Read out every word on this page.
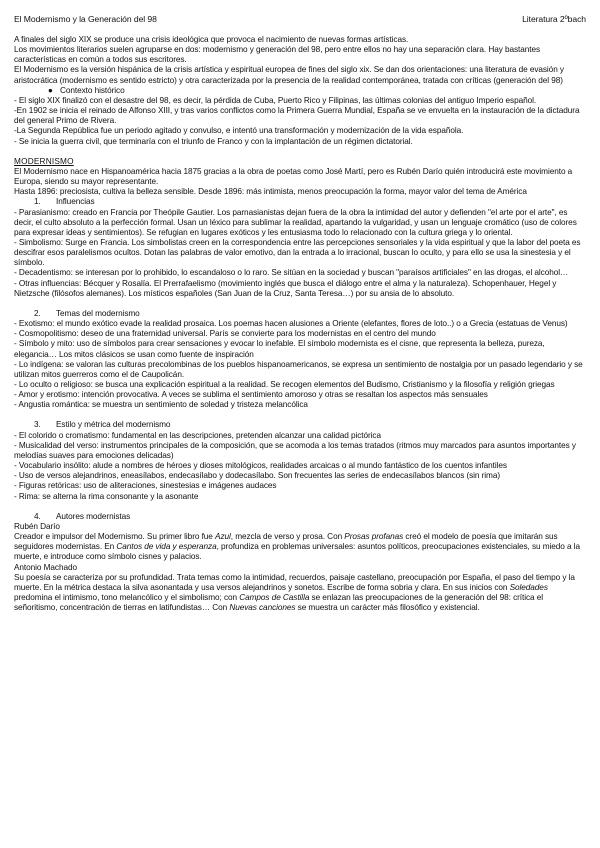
El Modernismo y la Generación del 98	Literatura 2ºbach

A finales del siglo XIX se produce una crisis ideológica que provoca el nacimiento de nuevas formas artísticas.

Los movimientos literarios suelen agruparse en dos: modernismo y generación del 98, pero entre ellos no hay una separación clara. Hay bastantes características en común a todos sus escritores.

El Modernismo es la versión hispánica de la crisis artística y espiritual europea de fines del siglo xix. Se dan dos orientaciones: una literatura de evasión y aristocrática (modernismo es sentido estricto) y otra caracterizada por la presencia de la realidad contemporánea, tratada con críticas (generación del 98)

● Contexto histórico

- El siglo XIX finalizó con el desastre del 98, es decir, la pérdida de Cuba, Puerto Rico y Filipinas, las últimas colonias del antiguo Imperio español.

-En 1902 se inicia el reinado de Alfonso XIII, y tras varios conflictos como la Primera Guerra Mundial, España se ve envuelta en la instauración de la dictadura del general Primo de Rivera.

-La Segunda República fue un periodo agitado y convulso, e intentó una transformación y modernización de la vida española.

- Se inicia la guerra civil, que terminaría con el triunfo de Franco y con la implantación de un régimen dictatorial.

MODERNISMO

El Modernismo nace en Hispanoamérica hacia 1875 gracias a la obra de poetas como José Martí, pero es Rubén Darío quién introducirá este movimiento a Europa, siendo su mayor representante.

Hasta 1896: preciosista, cultiva la belleza sensible. Desde 1896: más intimista, menos preocupación la forma, mayor valor del tema de América

1. Influencias

- Parasianismo: creado en Francia por Theópile Gautier. Los parnasianistas dejan fuera de la obra la intimidad del autor y defienden "el arte por el arte", es decir, el culto absoluto a la perfección formal. Usan un léxico para sublimar la realidad, apartando la vulgaridad, y usan un lenguaje cromático (uso de colores para expresar ideas y sentimientos). Se refugian en lugares exóticos y les entusiasma todo lo relacionado con la cultura griega y lo oriental.

- Simbolismo: Surge en Francia. Los simbolistas creen en la correspondencia entre las percepciones sensoriales y la vida espiritual y que la labor del poeta es descifrar esos paralelismos ocultos. Dotan las palabras de valor emotivo, dan la entrada a lo irracional, buscan lo oculto, y para ello se usa la sinestesia y el símbolo.

- Decadentismo: se interesan por lo prohibido, lo escandaloso o lo raro. Se sitúan en la sociedad y buscan "paraísos artificiales" en las drogas, el alcohol…

- Otras influencias: Bécquer y Rosalía. El Prerrafaelismo (movimiento inglés que busca el diálogo entre el alma y la naturaleza). Schopenhauer, Hegel y Nietzsche (filósofos alemanes). Los místicos españoles (San Juan de la Cruz, Santa Teresa…) por su ansia de lo absoluto.

2. Temas del modernismo

- Exotismo: el mundo exótico evade la realidad prosaica. Los poemas hacen alusiones a Oriente (elefantes, flores de loto..) o a Grecia (estatuas de Venus)

- Cosmopolitismo: deseo de una fraternidad universal. París se convierte para los modernistas en el centro del mundo

- Símbolo y mito: uso de símbolos para crear sensaciones y evocar lo inefable. El símbolo modernista es el cisne, que representa la belleza, pureza, elegancia… Los mitos clásicos se usan como fuente de inspiración

- Lo indígena: se valoran las culturas precolombinas de los pueblos hispanoamericanos, se expresa un sentimiento de nostalgia por un pasado legendario y se utilizan mitos guerreros como el de Caupolicán.

- Lo oculto o religioso: se busca una explicación espiritual a la realidad. Se recogen elementos del Budismo, Cristianismo y la filosofía y religión griegas

- Amor y erotismo: intención provocativa. A veces se sublima el sentimiento amoroso y otras se resaltan los aspectos más sensuales

- Angustia romántica: se muestra un sentimiento de soledad y tristeza melancólica

3. Estilo y métrica del modernismo

- El colorido o cromatismo: fundamental en las descripciones, pretenden alcanzar una calidad pictórica

- Musicalidad del verso: instrumentos principales de la composición, que se acomoda a los temas tratados (ritmos muy marcados para asuntos importantes y melodías suaves para emociones delicadas)

- Vocabulario insólito: alude a nombres de héroes y dioses mitológicos, realidades arcaicas o al mundo fantástico de los cuentos infantiles

- Uso de versos alejandrinos, eneasílabos, endecasílabo y dodecasílabo. Son frecuentes las series de endecasílabos blancos (sin rima)

- Figuras retóricas: uso de aliteraciones, sinestesias e imágenes audaces

- Rima: se alterna la rima consonante y la asonante

4. Autores modernistas

Rubén Darío

Creador e impulsor del Modernismo. Su primer libro fue Azul, mezcla de verso y prosa. Con Prosas profanas creó el modelo de poesía que imitarán sus seguidores modernistas. En Cantos de vida y esperanza, profundiza en problemas universales: asuntos políticos, preocupaciones existenciales, su miedo a la muerte, e introduce como símbolo cisnes y palacios.

Antonio Machado

Su poesía se caracteriza por su profundidad. Trata temas como la intimidad, recuerdos, paisaje castellano, preocupación por España, el paso del tiempo y la muerte. En la métrica destaca la silva asonantada y usa versos alejandrinos y sonetos. Escribe de forma sobria y clara. En sus inicios con Soledades predomina el intimismo, tono melancólico y el simbolismo; con Campos de Castilla se enlazan las preocupaciones de la generación del 98: crítica el señoritismo, concentración de tierras en latifundistas… Con Nuevas canciones se muestra un carácter más filosófico y existencial.
